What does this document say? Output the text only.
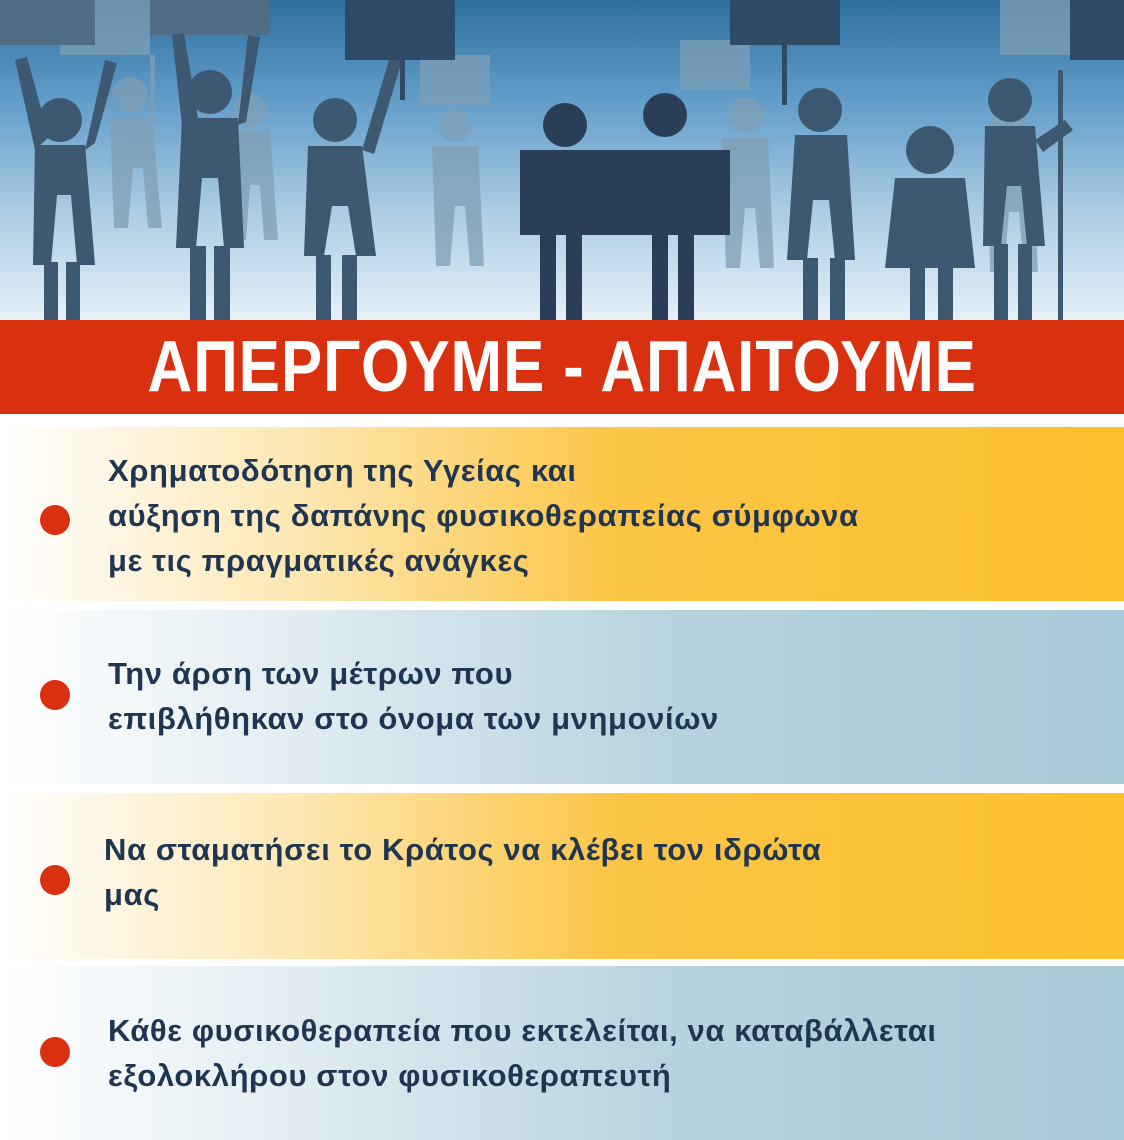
ΑΠΕΡΓΟΥΜΕ - ΑΠΑΙΤΟΥΜΕ
Χρηματοδότηση της Υγείας και
αύξηση της δαπάνης φυσικοθεραπείας σύμφωνα
με τις πραγματικές ανάγκες
Την άρση των μέτρων που
επιβλήθηκαν στο όνομα των μνημονίων
Να σταματήσει το Κράτος να κλέβει τον ιδρώτα
μας
Κάθε φυσικοθεραπεία που εκτελείται, να καταβάλλεται
εξολοκλήρου στον φυσικοθεραπευτή
